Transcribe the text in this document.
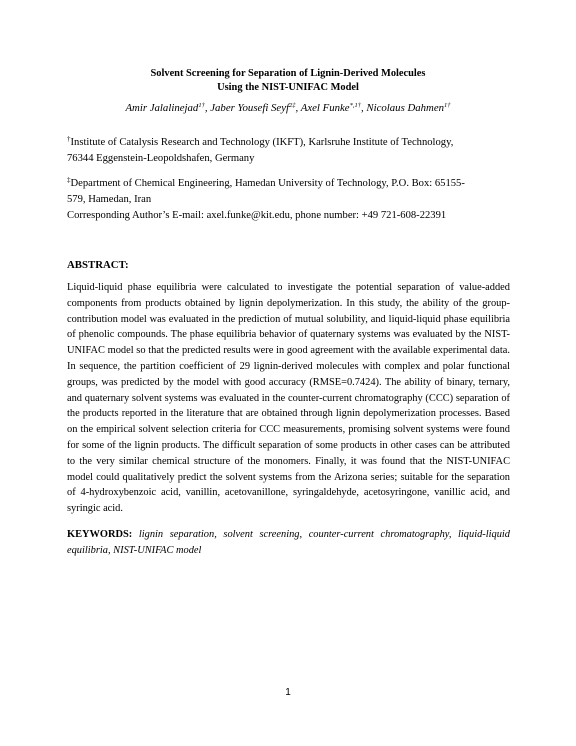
Solvent Screening for Separation of Lignin-Derived Molecules
Using the NIST-UNIFAC Model
Amir Jalalinejad$^{1\dagger}$, Jaber Yousefi Seyf$^{2\ddagger}$, Axel Funke$^{*,1\dagger}$, Nicolaus Dahmen$^{1\dagger}$
†Institute of Catalysis Research and Technology (IKFT), Karlsruhe Institute of Technology,
76344 Eggenstein-Leopoldshafen, Germany
‡Department of Chemical Engineering, Hamedan University of Technology, P.O. Box: 65155-
579, Hamedan, Iran
Corresponding Author’s E-mail: axel.funke@kit.edu, phone number: +49 721-608-22391
ABSTRACT:
Liquid-liquid phase equilibria were calculated to investigate the potential separation of value-added components from products obtained by lignin depolymerization. In this study, the ability of the group-contribution model was evaluated in the prediction of mutual solubility, and liquid-liquid phase equilibria of phenolic compounds. The phase equilibria behavior of quaternary systems was evaluated by the NIST-UNIFAC model so that the predicted results were in good agreement with the available experimental data. In sequence, the partition coefficient of 29 lignin-derived molecules with complex and polar functional groups, was predicted by the model with good accuracy (RMSE=0.7424). The ability of binary, ternary, and quaternary solvent systems was evaluated in the counter-current chromatography (CCC) separation of the products reported in the literature that are obtained through lignin depolymerization processes. Based on the empirical solvent selection criteria for CCC measurements, promising solvent systems were found for some of the lignin products. The difficult separation of some products in other cases can be attributed to the very similar chemical structure of the monomers. Finally, it was found that the NIST-UNIFAC model could qualitatively predict the solvent systems from the Arizona series; suitable for the separation of 4-hydroxybenzoic acid, vanillin, acetovanillone, syringaldehyde, acetosyringone, vanillic acid, and syringic acid.
KEYWORDS: lignin separation, solvent screening, counter-current chromatography, liquid-liquid equilibria, NIST-UNIFAC model
1
